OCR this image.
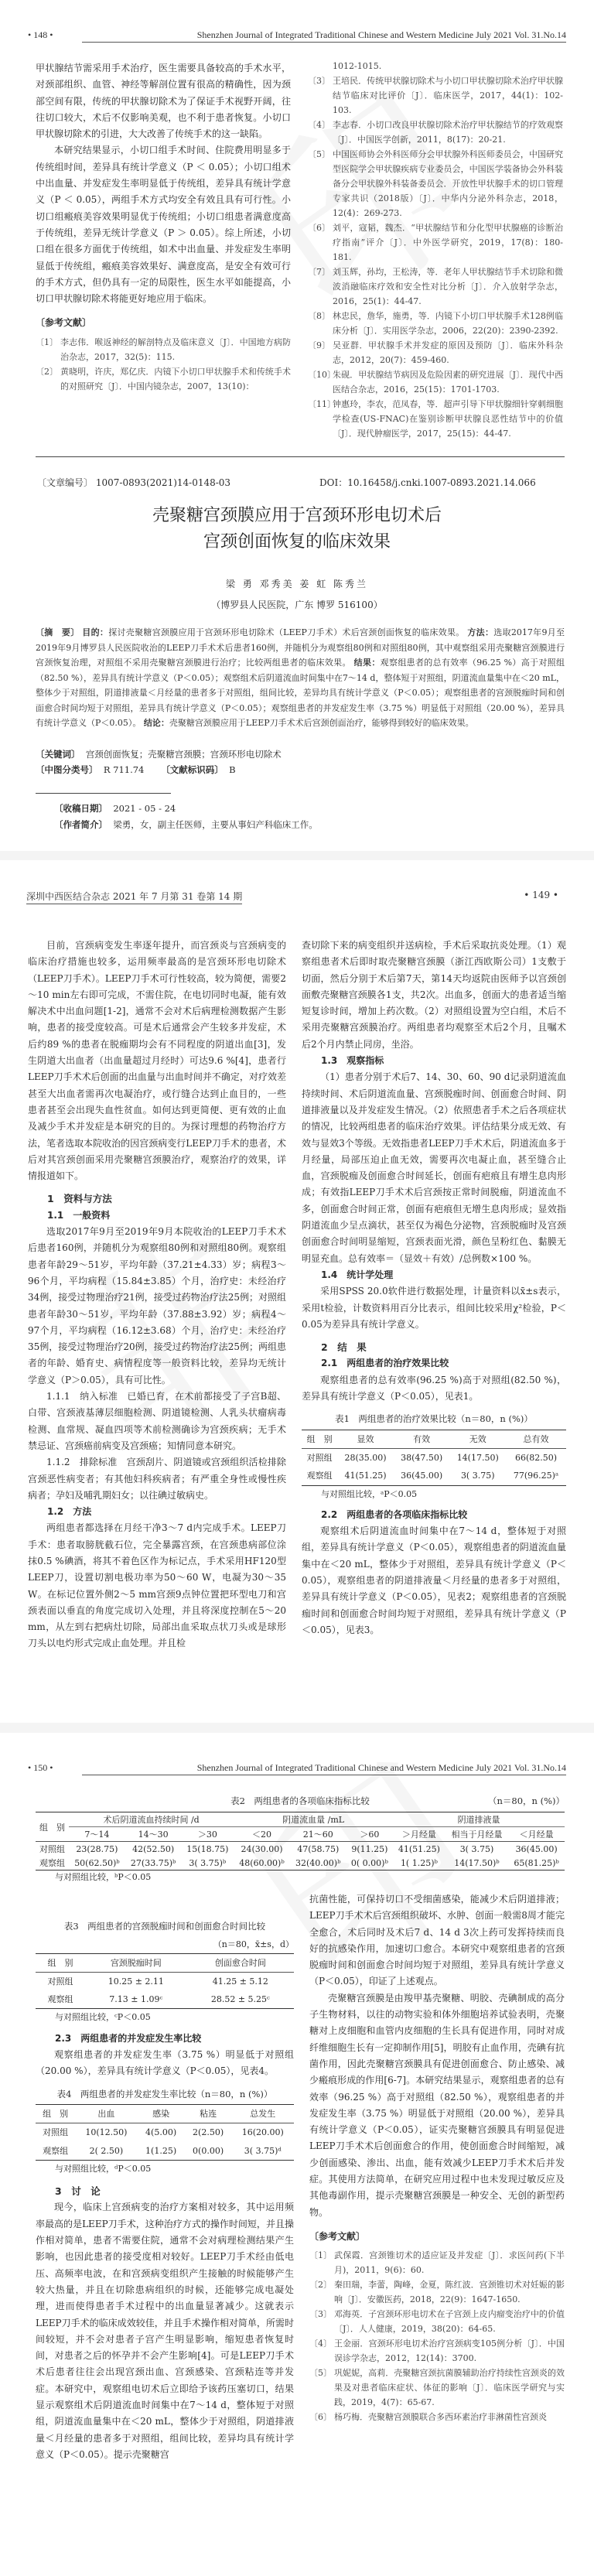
• 148 •	Shenzhen Journal of Integrated Traditional Chinese and Western Medicine July 2021 Vol. 31.No.14

甲状腺结节需采用手术治疗，医生需要具备较高的手术水平，对颈部组织、血管、神经等解剖位置有很高的精确性，因为颈部空间有限，传统的甲状腺切除术为了保证手术视野开阔，往往切口较大，术后不仅影响美观，也不利于患者恢复。小切口甲状腺切除术的引进，大大改善了传统手术的这一缺陷。

本研究结果显示，小切口组手术时间、住院费用明显多于传统组时间，差异具有统计学意义（P ＜ 0.05）；小切口组术中出血量、并发症发生率明显低于传统组，差异具有统计学意义（P ＜ 0.05），两组手术方式均安全有效且具有可行性。小切口组瘢痕美容效果明显优于传统组；小切口组患者满意度高于传统组，差异无统计学意义（P ＞ 0.05）。综上所述，小切口组在很多方面优于传统组，如术中出血量、并发症发生率明显低于传统组，瘢痕美容效果好、满意度高，是安全有效可行的手术方式，但仍具有一定的局限性，医生水平如能提高，小切口甲状腺切除术将能更好地应用于临床。

〔参考文献〕
〔1〕 李志伟．喉返神经的解剖特点及临床意义〔J〕．中国地方病防治杂志，2017，32(5)：115.
〔2〕 黄晓明，许庆，郑亿庆．内镜下小切口甲状腺手术和传统手术的对照研究〔J〕．中国内镜杂志，2007，13(10)：
1012-1015.
〔3〕 王培民．传统甲状腺切除术与小切口甲状腺切除术治疗甲状腺结节临床对比评价〔J〕．临床医学，2017，44(1)：102-103.
〔4〕 李志春．小切口改良甲状腺切除术治疗甲状腺结节的疗效观察〔J〕．中国医学创新，2011，8(17)：20-21.
〔5〕 中国医师协会外科医师分会甲状腺外科医师委员会，中国研究型医院学会甲状腺疾病专业委员会，中国医学装备协会外科装备分会甲状腺外科装备委员会．开放性甲状腺手术的切口管理专家共识（2018版）〔J〕．中华内分泌外科杂志，2018，12(4)：269-273.
〔6〕 刘平，寇韬，魏杰．“甲状腺结节和分化型甲状腺癌的诊断治疗指南”评介〔J〕．中外医学研究，2019，17(8)：180-181.
〔7〕 刘玉辉，孙均，王松涛，等．老年人甲状腺结节手术切除和微波消融临床疗效和安全性对比分析〔J〕．介入放射学杂志，2016，25(1)：44-47.
〔8〕 林忠民，詹华，施勇，等．内镜下小切口甲状腺手术128例临床分析〔J〕．实用医学杂志，2006，22(20)：2390-2392.
〔9〕 吴亚群．甲状腺手术并发症的原因及预防〔J〕．临床外科杂志，2012，20(7)：459-460.
〔10〕
朱砚．甲状腺结节病因及危险因素的研究进展〔J〕．现代中西医结合杂志，2016，25(15)：1701-1703.
〔11〕
钟惠玲，李农，范凤春，等．超声引导下甲状腺细针穿刺细胞学检查(US-FNAC)在鉴别诊断甲状腺良恶性结节中的价值〔J〕．现代肿瘤医学，2017，25(15)：44-47.
〔文章编号〕 1007-0893(2021)14-0148-03	DOI：10.16458/j.cnki.1007-0893.2021.14.066
壳聚糖宫颈膜应用于宫颈环形电切术后
宫颈创面恢复的临床效果
梁 勇 邓秀美 姜 虹 陈秀兰
（博罗县人民医院，广东 博罗 516100）
〔摘　要〕 目的：探讨壳聚糖宫颈膜应用于宫颈环形电切除术（LEEP刀手术）术后宫颈创面恢复的临床效果。 方法：选取2017年9月至2019年9月博罗县人民医院收治的LEEP刀手术术后患者160例，并随机分为观察组80例和对照组80例，其中观察组采用壳聚糖宫颈膜进行宫颈恢复治理，对照组不采用壳聚糖宫颈膜进行治疗；比较两组患者的临床效果。 结果：观察组患者的总有效率（96.25 %）高于对照组（82.50 %），差异具有统计学意义（P＜0.05）；观察组术后阴道流血时间集中在7～14 d，整体短于对照组，阴道流血量集中在＜20 mL，整体少于对照组，阴道排液量＜月经量的患者多于对照组，组间比较，差异均具有统计学意义（P＜0.05）；观察组患者的宫颈脱痂时间和创面愈合时间均短于对照组，差异具有统计学意义（P＜0.05）；观察组患者的并发症发生率（3.75 %）明显低于对照组（20.00 %），差异具有统计学意义（P＜0.05）。 结论：壳聚糖宫颈膜应用于LEEP刀手术术后宫颈创面治疗，能够得到较好的临床效果。
〔关键词〕 宫颈创面恢复；壳聚糖宫颈膜；宫颈环形电切除术
〔中图分类号〕 R 711.74 〔文献标识码〕 B
〔收稿日期〕 2021 - 05 - 24
〔作者简介〕 梁勇，女，副主任医师，主要从事妇产科临床工作。
深圳中西医结合杂志 2021 年 7 月第 31 卷第 14 期	• 149 •

目前，宫颈病变发生率逐年提升，而宫颈炎与宫颈病变的临床治疗措施也较多，运用频率最高的是宫颈环形电切除术（LEEP刀手术）。LEEP刀手术可行性较高，较为简便，需要2～10 min左右即可完成，不需住院，在电切同时电凝，能有效解决术中出血问题[1-2]，通常不会对术后病理检测数据产生影响，患者的接受度较高。可是术后通常会产生较多并发症，术后约89 %的患者在脱痂期均会有不同程度的阴道出血[3]，发生阴道大出血者（出血量超过月经时）可达9.6 %[4]，患者行LEEP刀手术术后创面的出血量与出血时间并不确定，对疗效差甚至大出血者需再次电凝治疗，或行缝合达到止血目的，一些患者甚至会出现失血性贫血。如何达到更简便、更有效的止血及减少手术并发症是本研究的目的。为探讨理想的药物治疗方法，笔者选取本院收治的因宫颈病变行LEEP刀手术的患者，术后对其宫颈创面采用壳聚糖宫颈膜治疗，观察治疗的效果，详情报道如下。

1　资料与方法
1.1　一般资料

选取2017年9月至2019年9月本院收治的LEEP刀手术术后患者160例，并随机分为观察组80例和对照组80例。观察组患者年龄29～51岁，平均年龄（37.21±4.33）岁；病程3～96个月，平均病程（15.84±3.85）个月，治疗史：未经治疗34例，接受过物理治疗21例，接受过药物治疗法25例；对照组患者年龄30～51岁，平均年龄（37.88±3.92）岁；病程4～97个月，平均病程（16.12±3.68）个月，治疗史：未经治疗35例，接受过物理治疗20例，接受过药物治疗法25例；两组患者的年龄、婚育史、病情程度等一般资料比较，差异均无统计学意义（P＞0.05），具有可比性。

1.1.1　纳入标准　已婚已育，在术前都接受了子宫B超、白带、宫颈液基薄层细胞检测、阴道镜检测、人乳头状瘤病毒检测、血常规、凝血四项等术前检测确诊为宫颈疾病；无手术禁忌证、宫颈癌前病变及宫颈癌；知情同意本研究。

1.1.2　排除标准　宫颈刮片、阴道镜或宫颈组织活检排除宫颈恶性病变者；有其他妇科疾病者；有严重全身性或慢性疾病者；孕妇及哺乳期妇女；以往碘过敏病史。

1.2　方法

两组患者都选择在月经干净3～7 d内完成手术。LEEP刀手术：患者取膀胱截石位，完全暴露宫颈，在宫颈患病部位涂抹0.5 %碘酒，将其不着色区作为标记点，手术采用HF120型LEEP刀，设置切割电极功率为50～60 W，电凝为30～35 W。在标记位置外侧2～5 mm宫颈9点钟位置把环型电刀和宫颈表面以垂直的角度完成切入处理，并且将深度控制在5～20 mm，从左到右把病灶切除，局部出血采取点状刀头或是球形刀头以电灼形式完成止血处理。并且检

查切除下来的病变组织并送病检，手术后采取抗炎处理。（1）观察组患者术后即时取壳聚糖宫颈膜（浙江西欧斯公司）1支敷于切面，然后分别于术后第7天，第14天均返院由医师予以宫颈创面敷壳聚糖宫颈膜各1支，共2次。出血多，创面大的患者适当缩短复诊时间，增加上药次数。（2）对照组设置为空白组，术后不采用壳聚糖宫颈膜治疗。两组患者均观察至术后2个月，且嘱术后2个月内禁止同房，坐浴。

1.3　观察指标

（1）患者分别于术后7、14、30、60、90 d记录阴道流血持续时间、术后阴道流血量、宫颈脱痂时间、创面愈合时间、阴道排液量以及并发症发生情况。（2）依照患者手术之后各项症状的情况，比较两组患者的临床治疗效果。评估结果分成无效、有效与显效3个等级。无效指患者LEEP刀手术术后，阴道流血多于月经量，局部压迫止血无效，需要再次电凝止血，甚至缝合止血，宫颈脱痂及创面愈合时间延长，创面有疤痕且有增生息肉形成；有效指LEEP刀手术术后宫颈按正常时间脱痂，阴道流血不多，创面愈合时间正常，创面有疤痕但无增生息肉形成；显效指阴道流血少呈点滴状，甚至仅为褐色分泌物，宫颈脱痂时及宫颈创面愈合时间明显缩短，宫颈表面光滑，颜色呈粉红色、黏膜无明显充血。总有效率＝（显效＋有效）/总例数×100 %。

1.4　统计学处理

采用SPSS 20.0软件进行数据处理，计量资料以x̄±s表示，采用t检验，计数资料用百分比表示，组间比较采用χ²检验，P＜0.05为差异具有统计学意义。

2　结　果
2.1　两组患者的治疗效果比较

观察组患者的总有效率(96.25 %)高于对照组(82.50 %)，差异具有统计学意义（P＜0.05），见表1。

表1　两组患者的治疗效果比较（n＝80，n (%)）
组　别	显效	有效	无效	总有效
对照组	28(35.00)	38(47.50)	14(17.50)	66(82.50)
观察组	41(51.25)	36(45.00)	3( 3.75)	77(96.25)ᵃ
与对照组比较，ᵃP＜0.05
2.2　两组患者的各项临床指标比较

观察组术后阴道流血时间集中在7～14 d，整体短于对照组，差异具有统计学意义（P＜0.05），观察组患者的阴道流血量集中在＜20 mL，整体少于对照组，差异具有统计学意义（P＜0.05），观察组患者的阴道排液量＜月经量的患者多于对照组，差异具有统计学意义（P＜0.05），见表2；观察组患者的宫颈脱痂时间和创面愈合时间均短于对照组，差异具有统计学意义（P＜0.05），见表3。

• 150 •	Shenzhen Journal of Integrated Traditional Chinese and Western Medicine July 2021 Vol. 31.No.14
表2　两组患者的各项临床指标比较	（n＝80，n (%)）
组　别	术后阴道流血持续时间 /d			阴道流血量 /mL			阴道排液量		
	7～14	14～30	＞30	＜20	21～60	＞60	＞月经量	相当于月经量	＜月经量
对照组	23(28.75)	42(52.50)	15(18.75)	24(30.00)	47(58.75)	9(11.25)	41(51.25)	3( 3.75)	36(45.00)
观察组	50(62.50)ᵇ	27(33.75)ᵇ	3( 3.75)ᵇ	48(60.00)ᵇ	32(40.00)ᵇ	0( 0.00)ᵇ	1( 1.25)ᵇ	14(17.50)ᵇ	65(81.25)ᵇ
与对照组比较，ᵇP＜0.05
表3　两组患者的宫颈脱痂时间和创面愈合时间比较
（n＝80，x̄±s，d）
组　别	宫颈脱痂时间	创面愈合时间
对照组	10.25 ± 2.11	41.25 ± 5.12
观察组	7.13 ± 1.09ᶜ	28.52 ± 5.25ᶜ
与对照组比较，ᶜP＜0.05
2.3　两组患者的并发症发生率比较

观察组患者的并发症发生率（3.75 %）明显低于对照组（20.00 %），差异具有统计学意义（P＜0.05），见表4。

表4　两组患者的并发症发生率比较（n＝80，n (%)）
组　别	出血	感染	粘连	总发生
对照组	10(12.50)	4(5.00)	2(2.50)	16(20.00)
观察组	2( 2.50)	1(1.25)	0(0.00)	3( 3.75)ᵈ
与对照组比较，ᵈP＜0.05
3　讨　论

现今，临床上宫颈病变的治疗方案相对较多，其中运用频率最高的是LEEP刀手术，这种治疗方式的操作时间短，并且操作相对简单，患者不需要住院，通常不会对病理检测结果产生影响，也因此患者的接受度相对较好。LEEP刀手术经由低电压、高频率电波，在和宫颈病变组织产生接触的时候能够产生较大热量，并且在切除患病组织的时候，还能够完成电凝处理，进而使得患者手术过程中的出血量显著减少。这就表示LEEP刀手术的临床成效较佳，并且手术操作相对简单，所需时间较短，并不会对患者子宫产生明显影响，缩短患者恢复时间，对患者之后的怀孕并不会产生影响[4]。可是LEEP刀手术术后患者往往会出现宫颈出血、宫颈感染、宫颈粘连等并发症。本研究中，观察组电切术后立即给予该药压塞切口，结果显示观察组术后阴道流血时间集中在7～14 d，整体短于对照组，阴道流血量集中在＜20 mL，整体少于对照组，阴道排液量＜月经量的患者多于对照组，组间比较，差异均具有统计学意义（P＜0.05）。提示壳聚糖宫

抗菌性能，可保持切口不受细菌感染，能减少术后阴道排液；LEEP刀手术术后宫颈组织破坏、水肿、创面一般需8周才能完全愈合，术后同时及术后7 d、14 d 3次上药可发挥持续而良好的抗感染作用，加速切口愈合。本研究中观察组患者的宫颈脱痂时间和创面愈合时间均短于对照组，差异具有统计学意义（P＜0.05），印证了上述观点。

壳聚糖宫颈膜是由羧甲基壳聚糖、明胶、壳碘制成的高分子生物材料，以往的动物实验和体外细胞培养试验表明，壳聚糖对上皮细胞和血管内皮细胞的生长具有促进作用，同时对成纤维细胞生长有一定抑制作用[5]，明胶有止血作用，壳碘有抗菌作用，因此壳聚糖宫颈膜具有促进创面愈合、防止感染、减少瘢痕形成的作用[6-7]。本研究结果显示，观察组患者的总有效率（96.25 %）高于对照组（82.50 %），观察组患者的并发症发生率（3.75 %）明显低于对照组（20.00 %），差异具有统计学意义（P＜0.05），证实壳聚糖宫颈膜具有明显促进LEEP刀手术术后创面愈合的作用，使创面愈合时间缩短，减少创面感染、渗出、出血，能有效减少LEEP刀手术术后并发症。其使用方法简单，在研究应用过程中也未发现过敏反应及其他毒副作用，提示壳聚糖宫颈膜是一种安全、无创的新型药物。

〔参考文献〕
〔1〕 武保霞．宫颈锥切术的适应证及并发症〔J〕．求医问药(下半月)，2011，9(6)：60.
〔2〕 秦田瑞，李蕾，陶峰，金夏，陈红波．宫颈锥切术对妊娠的影响〔J〕．安徽医药，2018，22(9)：1647-1650.
〔3〕 邓海英．子宫颈环形电切术在子宫颈上皮内瘤变治疗中的价值〔J〕．人人健康，2019，38(20)：64-65.
〔4〕 王金丽．宫颈环形电切术治疗宫颈病变105例分析〔J〕．中国误诊学杂志，2012，12(14)：3700.
〔5〕 巩妮妮，高莉．壳聚糖宫颈抗菌膜辅助治疗持续性宫颈炎的效果及对患者临床症状、体征的影响〔J〕．临床医学研究与实践，2019，4(7)：65-67.
〔6〕 杨巧梅．壳聚糖宫颈膜联合多西环素治疗非淋菌性宫颈炎
